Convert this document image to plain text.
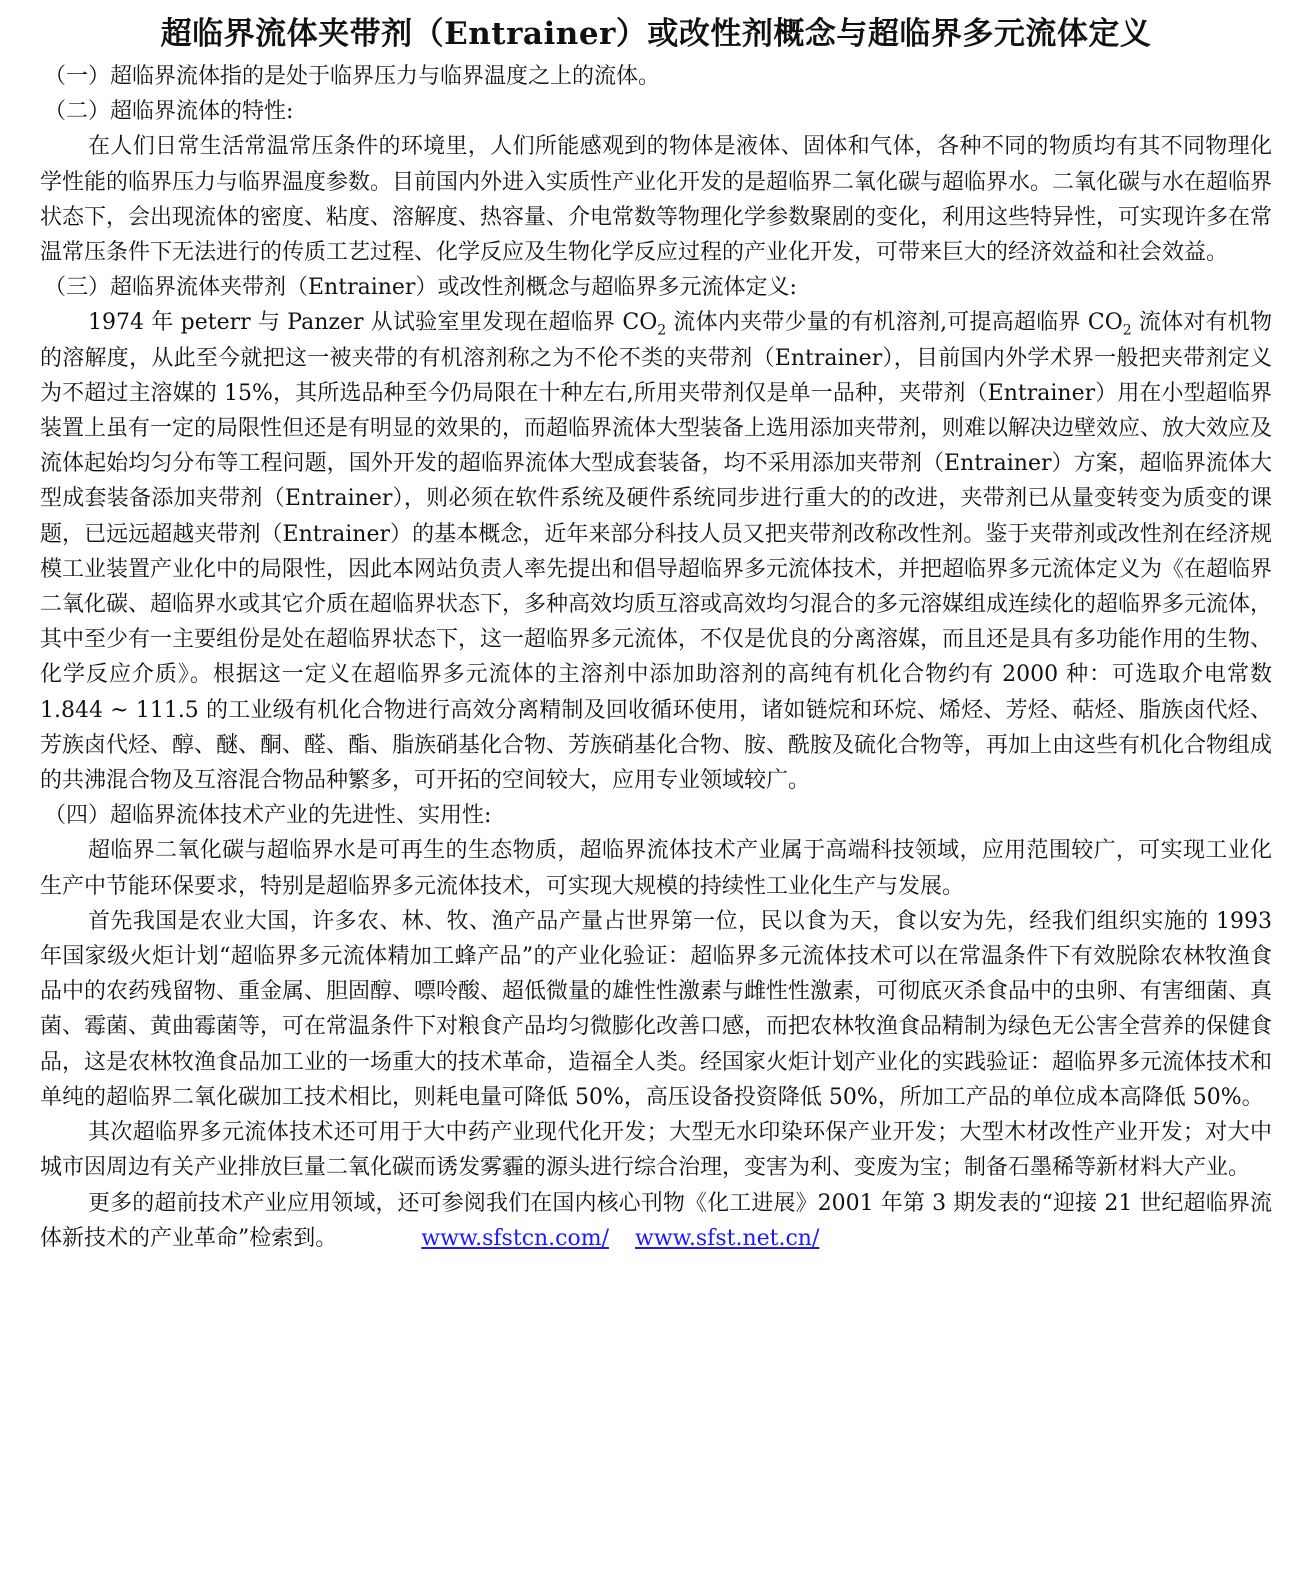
超临界流体夹带剂（Entrainer）或改性剂概念与超临界多元流体定义

（一）超临界流体指的是处于临界压力与临界温度之上的流体。

（二）超临界流体的特性:

在人们日常生活常温常压条件的环境里，人们所能感观到的物体是液体、固体和气体，各种不同的物质均有其不同物理化学性能的临界压力与临界温度参数。目前国内外进入实质性产业化开发的是超临界二氧化碳与超临界水。二氧化碳与水在超临界状态下，会出现流体的密度、粘度、溶解度、热容量、介电常数等物理化学参数聚剧的变化，利用这些特异性，可实现许多在常温常压条件下无法进行的传质工艺过程、化学反应及生物化学反应过程的产业化开发，可带来巨大的经济效益和社会效益。

（三）超临界流体夹带剂（Entrainer）或改性剂概念与超临界多元流体定义:

1974 年 peterr 与 Panzer 从试验室里发现在超临界 $CO_2$ 流体内夹带少量的有机溶剂,可提高超临界 $CO_2$ 流体对有机物的溶解度，从此至今就把这一被夹带的有机溶剂称之为不伦不类的夹带剂（Entrainer），目前国内外学术界一般把夹带剂定义为不超过主溶媒的 15%，其所选品种至今仍局限在十种左右,所用夹带剂仅是单一品种，夹带剂（Entrainer）用在小型超临界装置上虽有一定的局限性但还是有明显的效果的，而超临界流体大型装备上选用添加夹带剂，则难以解决边壁效应、放大效应及流体起始均匀分布等工程问题，国外开发的超临界流体大型成套装备，均不采用添加夹带剂（Entrainer）方案，超临界流体大型成套装备添加夹带剂（Entrainer），则必须在软件系统及硬件系统同步进行重大的的改进，夹带剂已从量变转变为质变的课题，已远远超越夹带剂（Entrainer）的基本概念，近年来部分科技人员又把夹带剂改称改性剂。鉴于夹带剂或改性剂在经济规模工业装置产业化中的局限性，因此本网站负责人率先提出和倡导超临界多元流体技术，并把超临界多元流体定义为《在超临界二氧化碳、超临界水或其它介质在超临界状态下，多种高效均质互溶或高效均匀混合的多元溶媒组成连续化的超临界多元流体，其中至少有一主要组份是处在超临界状态下，这一超临界多元流体，不仅是优良的分离溶媒，而且还是具有多功能作用的生物、化学反应介质》。根据这一定义在超临界多元流体的主溶剂中添加助溶剂的高纯有机化合物约有 2000 种：可选取介电常数 1.844 ~ 111.5 的工业级有机化合物进行高效分离精制及回收循环使用，诸如链烷和环烷、烯烃、芳烃、萜烃、脂族卤代烃、芳族卤代烃、醇、醚、酮、醛、酯、脂族硝基化合物、芳族硝基化合物、胺、酰胺及硫化合物等，再加上由这些有机化合物组成的共沸混合物及互溶混合物品种繁多，可开拓的空间较大，应用专业领域较广。

（四）超临界流体技术产业的先进性、实用性:

超临界二氧化碳与超临界水是可再生的生态物质，超临界流体技术产业属于高端科技领域，应用范围较广，可实现工业化生产中节能环保要求，特别是超临界多元流体技术，可实现大规模的持续性工业化生产与发展。

首先我国是农业大国，许多农、林、牧、渔产品产量占世界第一位，民以食为天，食以安为先，经我们组织实施的 1993 年国家级火炬计划“超临界多元流体精加工蜂产品”的产业化验证：超临界多元流体技术可以在常温条件下有效脱除农林牧渔食品中的农药残留物、重金属、胆固醇、嘌呤酸、超低微量的雄性性激素与雌性性激素，可彻底灭杀食品中的虫卵、有害细菌、真菌、霉菌、黄曲霉菌等，可在常温条件下对粮食产品均匀微膨化改善口感，而把农林牧渔食品精制为绿色无公害全营养的保健食品，这是农林牧渔食品加工业的一场重大的技术革命，造福全人类。经国家火炬计划产业化的实践验证：超临界多元流体技术和单纯的超临界二氧化碳加工技术相比，则耗电量可降低 50%，高压设备投资降低 50%，所加工产品的单位成本高降低 50%。

其次超临界多元流体技术还可用于大中药产业现代化开发；大型无水印染环保产业开发；大型木材改性产业开发；对大中城市因周边有关产业排放巨量二氧化碳而诱发雾霾的源头进行综合治理，变害为利、变废为宝；制备石墨稀等新材料大产业。

更多的超前技术产业应用领域，还可参阅我们在国内核心刊物《化工进展》2001 年第 3 期发表的“迎接 21 世纪超临界流体新技术的产业革命”检索到。	www.sfstcn.com/ www.sfst.net.cn/
